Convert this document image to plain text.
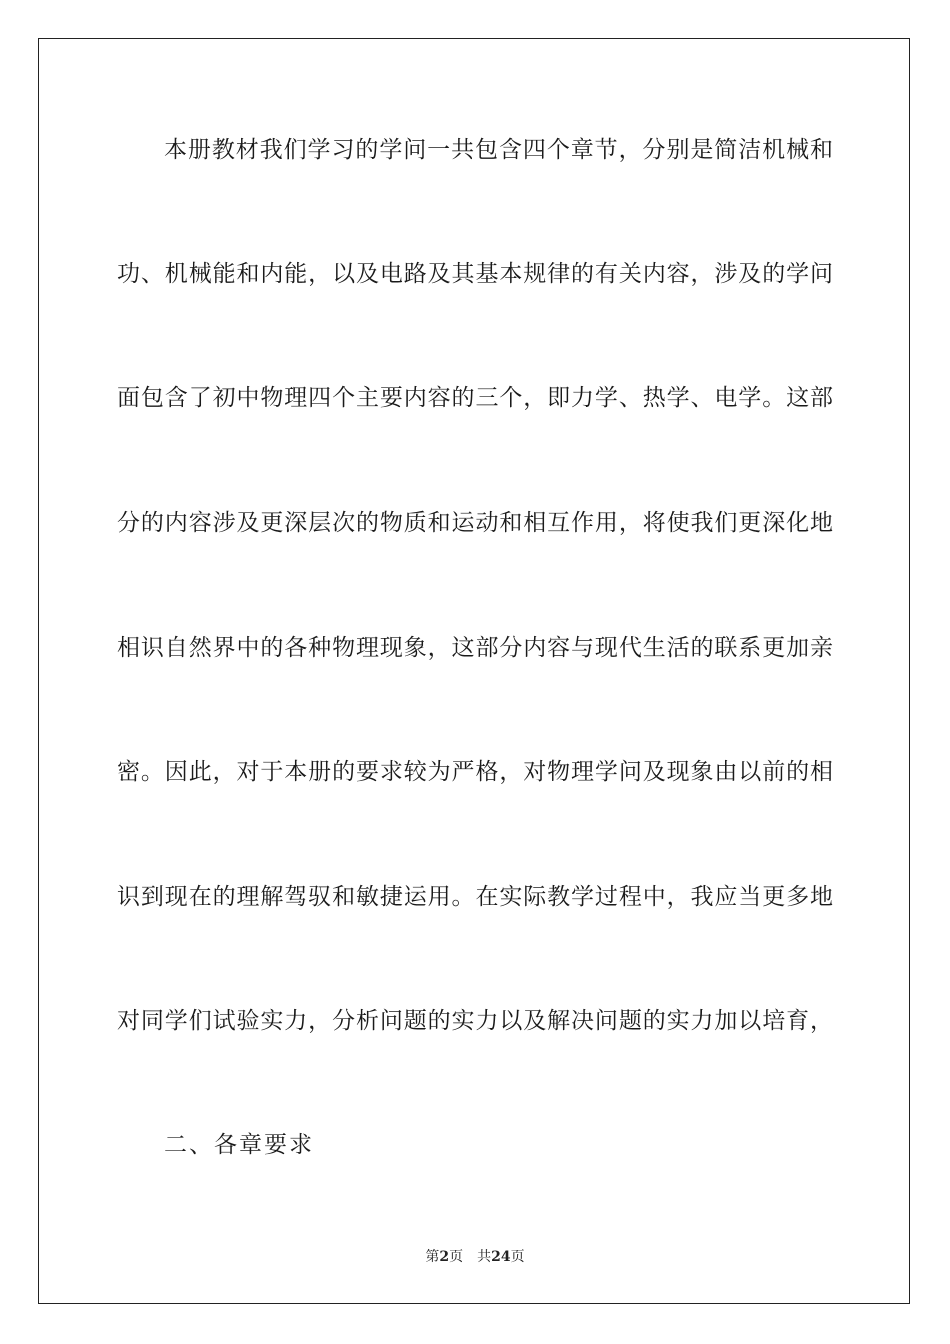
本册教材我们学习的学问一共包含四个章节，分别是简洁机械和
功、机械能和内能，以及电路及其基本规律的有关内容，涉及的学问
面包含了初中物理四个主要内容的三个，即力学、热学、电学。这部
分的内容涉及更深层次的物质和运动和相互作用，将使我们更深化地
相识自然界中的各种物理现象，这部分内容与现代生活的联系更加亲
密。因此，对于本册的要求较为严格，对物理学问及现象由以前的相
识到现在的理解驾驭和敏捷运用。在实际教学过程中，我应当更多地
对同学们试验实力，分析问题的实力以及解决问题的实力加以培育，
二、各章要求
第2页 共24页
